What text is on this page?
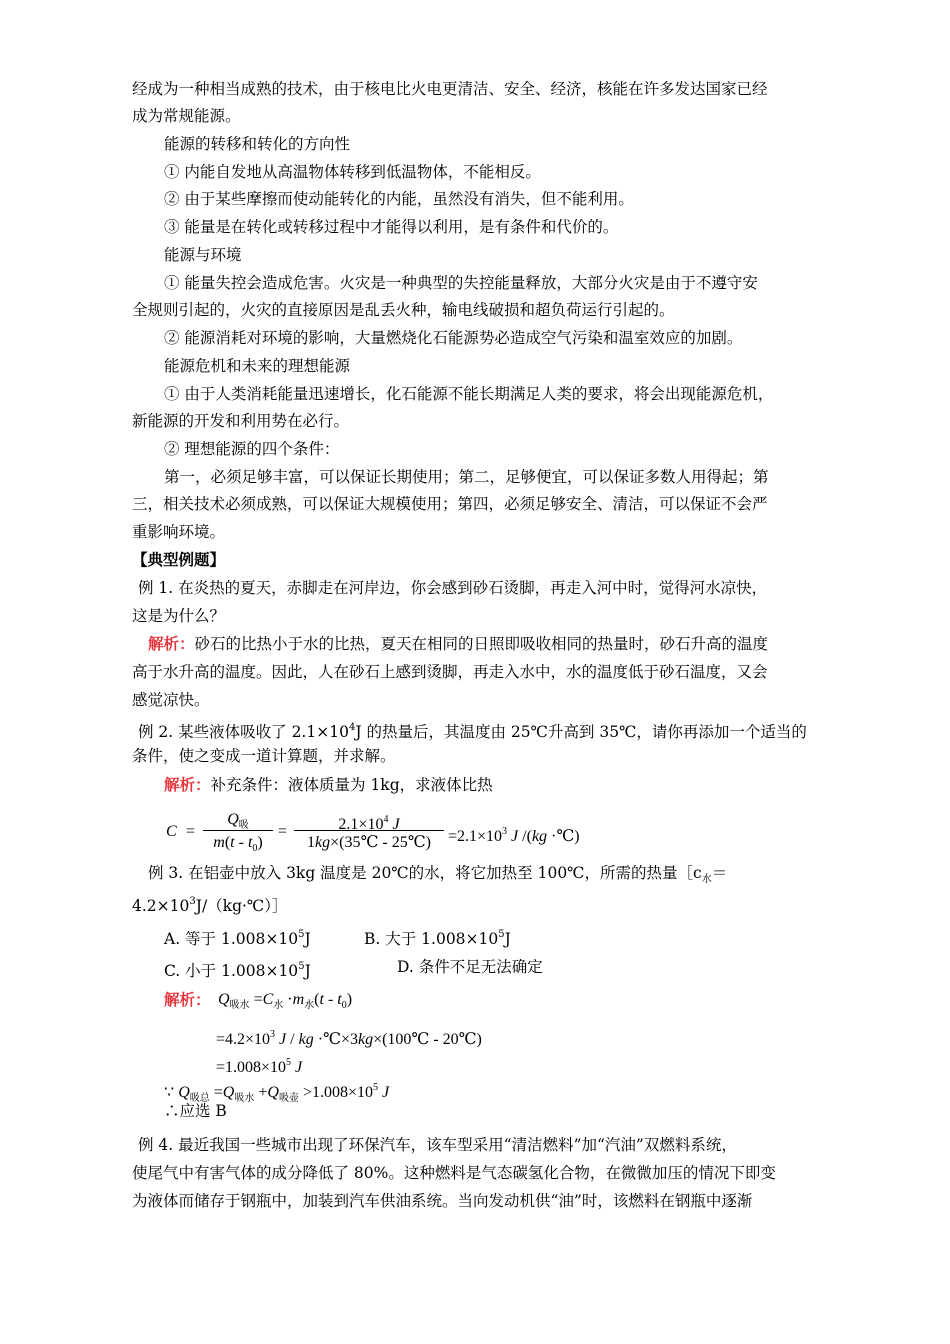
经成为一种相当成熟的技术，由于核电比火电更清洁、安全、经济，核能在许多发达国家已经
成为常规能源。
能源的转移和转化的方向性
① 内能自发地从高温物体转移到低温物体，不能相反。
② 由于某些摩擦而使动能转化的内能，虽然没有消失，但不能利用。
③ 能量是在转化或转移过程中才能得以利用，是有条件和代价的。
能源与环境
① 能量失控会造成危害。火灾是一种典型的失控能量释放，大部分火灾是由于不遵守安
全规则引起的，火灾的直接原因是乱丢火种，输电线破损和超负荷运行引起的。
② 能源消耗对环境的影响，大量燃烧化石能源势必造成空气污染和温室效应的加剧。
能源危机和未来的理想能源
① 由于人类消耗能量迅速增长，化石能源不能长期满足人类的要求，将会出现能源危机，
新能源的开发和利用势在必行。
② 理想能源的四个条件：
第一，必须足够丰富，可以保证长期使用；第二，足够便宜，可以保证多数人用得起；第
三，相关技术必须成熟，可以保证大规模使用；第四，必须足够安全、清洁，可以保证不会严
重影响环境。
【典型例题】
例 1. 在炎热的夏天，赤脚走在河岸边，你会感到砂石烫脚，再走入河中时，觉得河水凉快，
这是为什么？
解析：砂石的比热小于水的比热，夏天在相同的日照即吸收相同的热量时，砂石升高的温度
高于水升高的温度。因此，人在砂石上感到烫脚，再走入水中，水的温度低于砂石温度，又会
感觉凉快。
例 2. 某些液体吸收了 $2.1\times 10^4J$ 的热量后，其温度由 25℃升高到 35℃，请你再添加一个适当的
条件，使之变成一道计算题，并求解。
解析：补充条件：液体质量为 1kg，求液体比热
C =
$Q_吸$
$m(t - t_0)$
= $\frac{2.1\times 10^4 J}{1kg\times(35℃ - 25℃)} =2.1\times 10^3$ J /(kg ·℃)
例 3. 在铝壶中放入 3kg 温度是 20℃的水，将它加热至 100℃，所需的热量$[c_水=$
$4.2\times 10^3J/(kg\cdot℃)]$
A. 等于 $1.008\times 10^5J$	B. 大于 $1.008\times 10^5J$
C. 小于 $1.008\times 10^5J$	D. 条件不足无法确定
解析： $Q_{吸水} =C_水 \cdot m_水(t - t_0)$
$=4.2\times 10^3$ J / kg ·℃×3kg×(100℃ - 20℃)
$=1.008\times 10^5$ J
∵ $Q_{吸总} =Q_{吸水} +Q_{吸壶} >1.008\times 10^5$ J
∴应选 B
例 4. 最近我国一些城市出现了环保汽车，该车型采用“清洁燃料”加“汽油”双燃料系统，
使尾气中有害气体的成分降低了 80%。这种燃料是气态碳氢化合物，在微微加压的情况下即变
为液体而储存于钢瓶中，加装到汽车供油系统。当向发动机供“油”时，该燃料在钢瓶中逐渐
